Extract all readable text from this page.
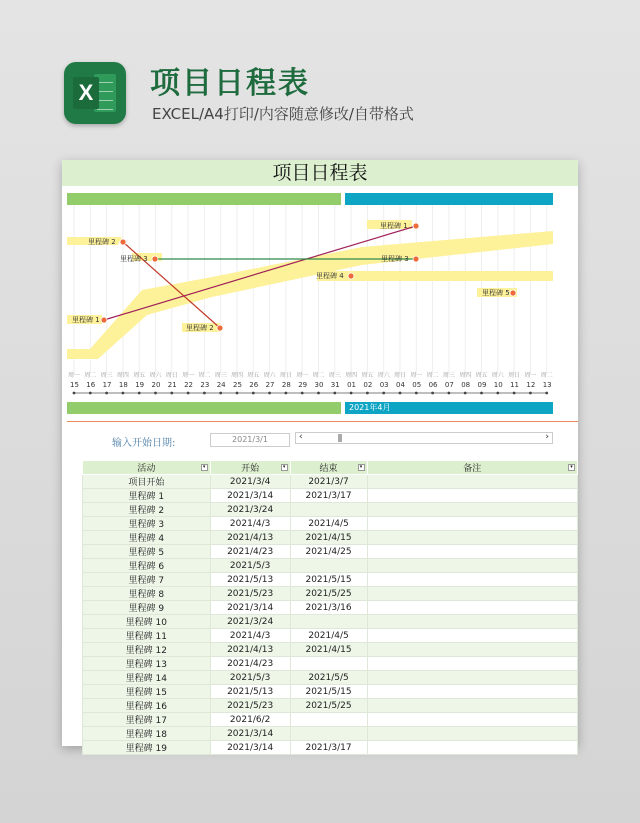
X 项目日程表
EXCEL/A4打印/内容随意修改/自带格式
项目日程表
里程碑 2
里程碑 3
里程碑 1
里程碑 3
里程碑 4
里程碑 5
里程碑 1
里程碑 2
周一 周二 周三 周四 周五 周六 周日 周一 周二 周三 周四 周五 周六 周日 周一 周二 周三 周四 周五 周六 周日 周一 周二 周三 周四 周五 周六 周日 周一 周二
15 16 17 18 19 20 21 22 23 24 25 26 27 28 29 30 31 01 02 03 04 05 06 07 08 09 10 11 12 13
2021年4月
输入开始日期:	2021/3/1	‹	›
活动 ▾	开始 ▾	结束 ▾	备注 ▾

项目开始	2021/3/4	2021/3/7	
里程碑 1	2021/3/14	2021/3/17	
里程碑 2	2021/3/24		
里程碑 3	2021/4/3	2021/4/5	
里程碑 4	2021/4/13	2021/4/15	
里程碑 5	2021/4/23	2021/4/25	
里程碑 6	2021/5/3		
里程碑 7	2021/5/13	2021/5/15	
里程碑 8	2021/5/23	2021/5/25	
里程碑 9	2021/3/14	2021/3/16	
里程碑 10	2021/3/24		
里程碑 11	2021/4/3	2021/4/5	
里程碑 12	2021/4/13	2021/4/15	
里程碑 13	2021/4/23		
里程碑 14	2021/5/3	2021/5/5	
里程碑 15	2021/5/13	2021/5/15	
里程碑 16	2021/5/23	2021/5/25	
里程碑 17	2021/6/2		
里程碑 18	2021/3/14		
里程碑 19	2021/3/14	2021/3/17	
